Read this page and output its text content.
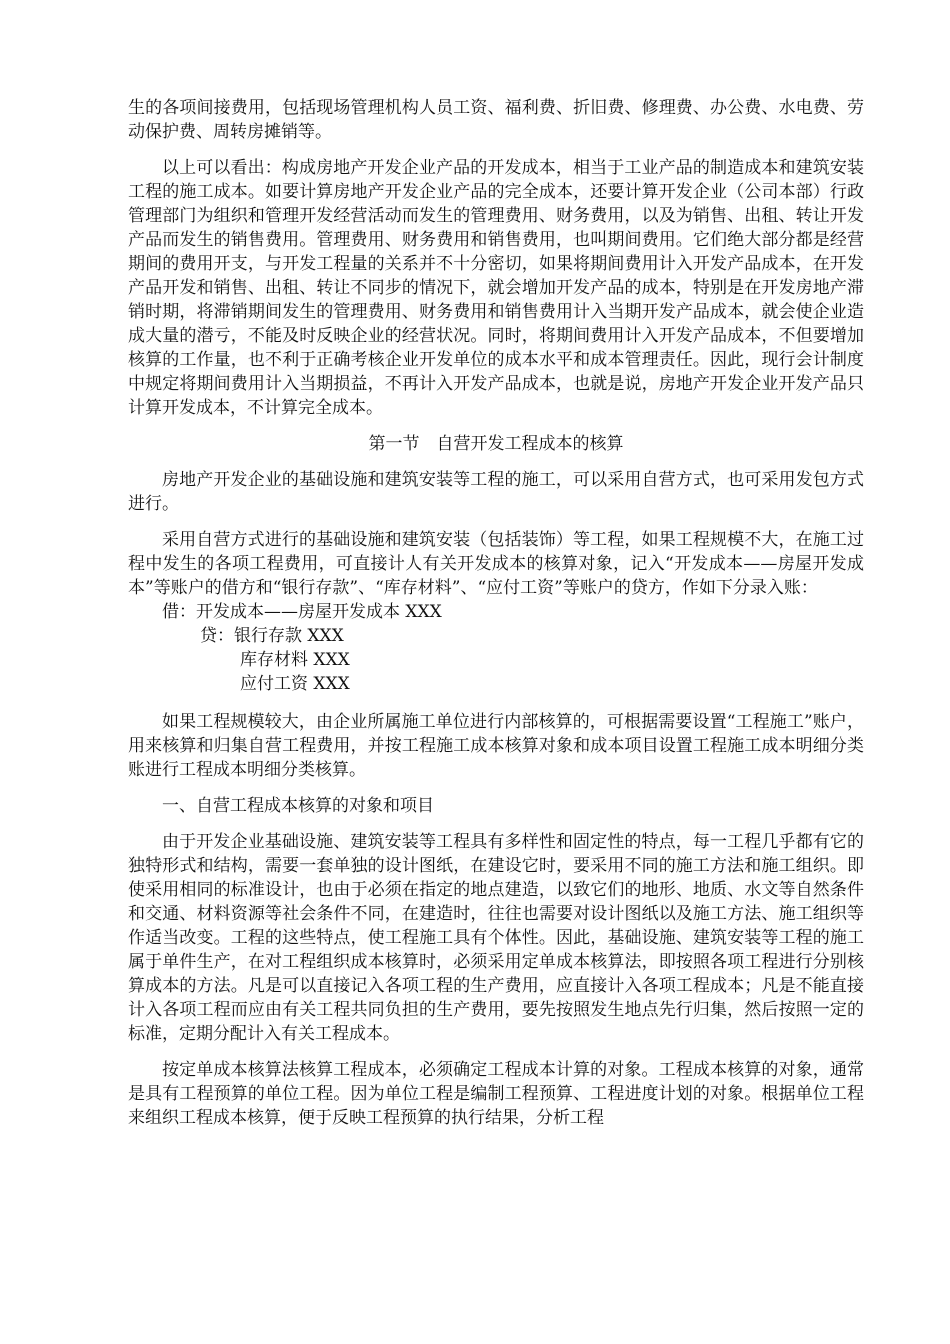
生的各项间接费用，包括现场管理机构人员工资、福利费、折旧费、修理费、办公费、水电费、劳动保护费、周转房摊销等。

以上可以看出：构成房地产开发企业产品的开发成本，相当于工业产品的制造成本和建筑安装工程的施工成本。如要计算房地产开发企业产品的完全成本，还要计算开发企业（公司本部）行政管理部门为组织和管理开发经营活动而发生的管理费用、财务费用，以及为销售、出租、转让开发产品而发生的销售费用。管理费用、财务费用和销售费用，也叫期间费用。它们绝大部分都是经营期间的费用开支，与开发工程量的关系并不十分密切，如果将期间费用计入开发产品成本，在开发产品开发和销售、出租、转让不同步的情况下，就会增加开发产品的成本，特别是在开发房地产滞销时期，将滞销期间发生的管理费用、财务费用和销售费用计入当期开发产品成本，就会使企业造成大量的潜亏，不能及时反映企业的经营状况。同时，将期间费用计入开发产品成本，不但要增加核算的工作量，也不利于正确考核企业开发单位的成本水平和成本管理责任。因此，现行会计制度中规定将期间费用计入当期损益，不再计入开发产品成本，也就是说，房地产开发企业开发产品只计算开发成本，不计算完全成本。

第一节　自营开发工程成本的核算

房地产开发企业的基础设施和建筑安装等工程的施工，可以采用自营方式，也可采用发包方式进行。

采用自营方式进行的基础设施和建筑安装（包括装饰）等工程，如果工程规模不大，在施工过程中发生的各项工程费用，可直接计人有关开发成本的核算对象，记入“开发成本——房屋开发成本”等账户的借方和“银行存款”、“库存材料”、“应付工资”等账户的贷方，作如下分录入账：

借：开发成本——房屋开发成本 XXX
贷：银行存款 XXX
库存材料 XXX
应付工资 XXX

如果工程规模较大，由企业所属施工单位进行内部核算的，可根据需要设置“工程施工”账户，用来核算和归集自营工程费用，并按工程施工成本核算对象和成本项目设置工程施工成本明细分类账进行工程成本明细分类核算。

一、自营工程成本核算的对象和项目

由于开发企业基础设施、建筑安装等工程具有多样性和固定性的特点，每一工程几乎都有它的独特形式和结构，需要一套单独的设计图纸，在建设它时，要采用不同的施工方法和施工组织。即使采用相同的标准设计，也由于必须在指定的地点建造，以致它们的地形、地质、水文等自然条件和交通、材料资源等社会条件不同，在建造时，往往也需要对设计图纸以及施工方法、施工组织等作适当改变。工程的这些特点，使工程施工具有个体性。因此，基础设施、建筑安装等工程的施工属于单件生产，在对工程组织成本核算时，必须采用定单成本核算法，即按照各项工程进行分别核算成本的方法。凡是可以直接记入各项工程的生产费用，应直接计入各项工程成本；凡是不能直接计入各项工程而应由有关工程共同负担的生产费用，要先按照发生地点先行归集，然后按照一定的标准，定期分配计入有关工程成本。

按定单成本核算法核算工程成本，必须确定工程成本计算的对象。工程成本核算的对象，通常是具有工程预算的单位工程。因为单位工程是编制工程预算、工程进度计划的对象。根据单位工程来组织工程成本核算，便于反映工程预算的执行结果，分析工程
